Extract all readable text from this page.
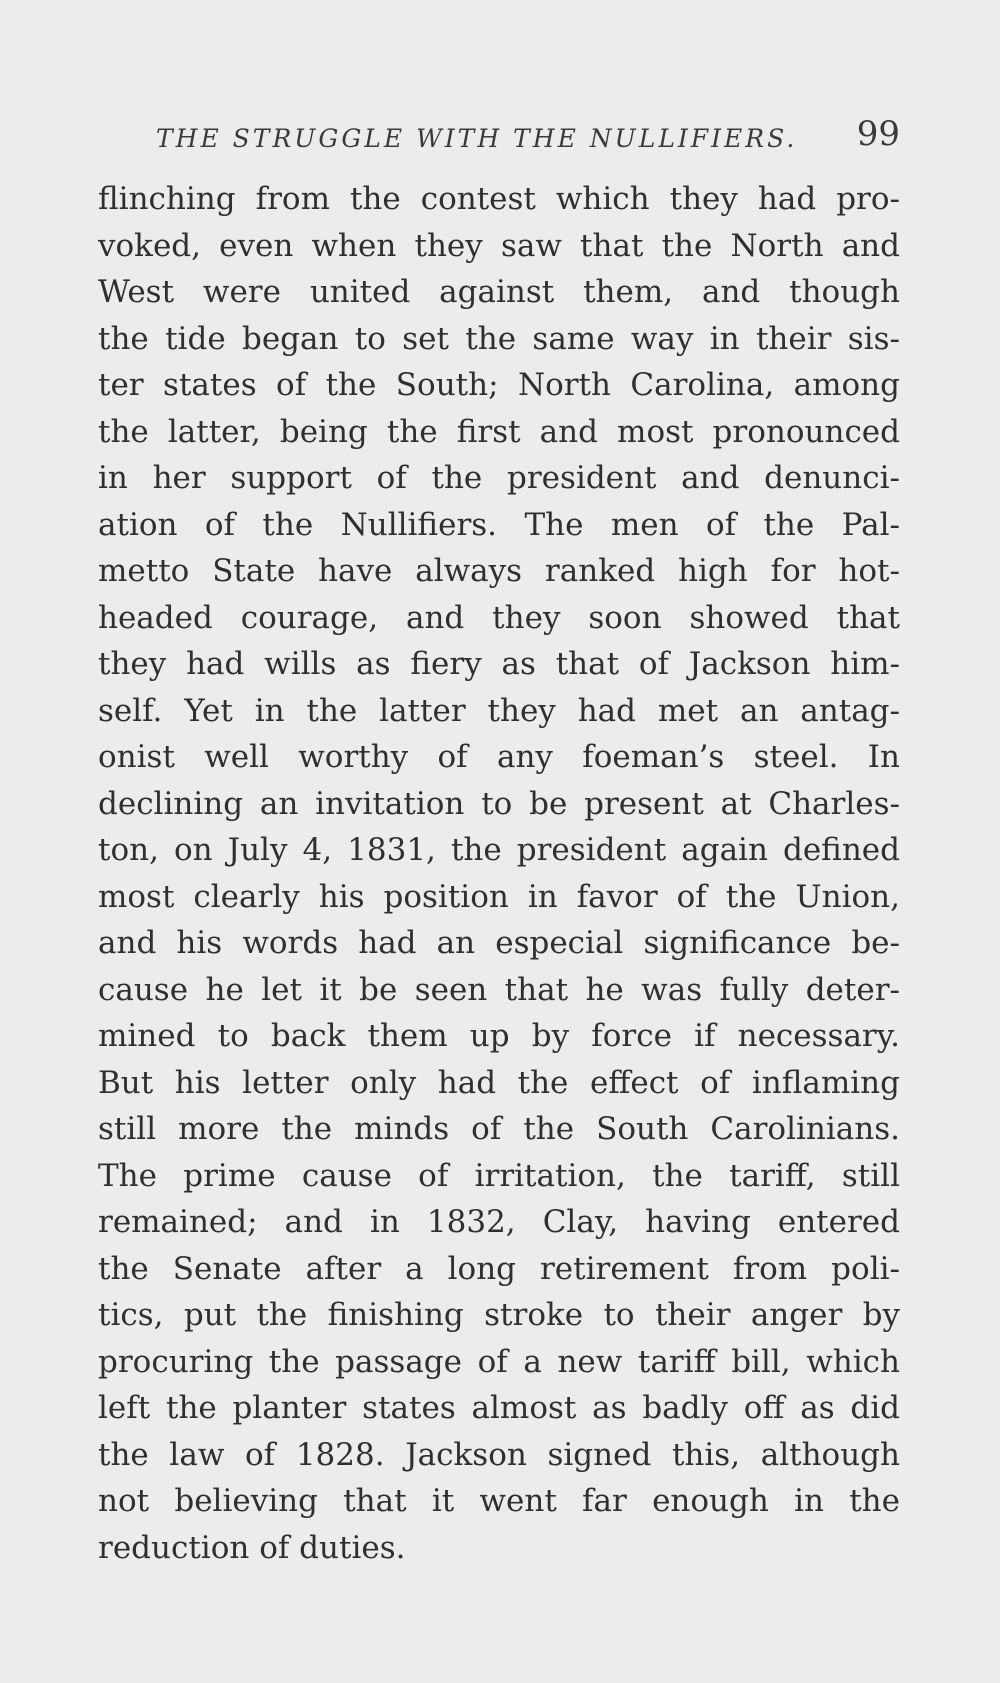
THE STRUGGLE WITH THE NULLIFIERS. 99
flinching from the contest which they had pro-
voked, even when they saw that the North and
West were united against them, and though
the tide began to set the same way in their sis-
ter states of the South; North Carolina, among
the latter, being the first and most pronounced
in her support of the president and denunci-
ation of the Nullifiers. The men of the Pal-
metto State have always ranked high for hot-
headed courage, and they soon showed that
they had wills as fiery as that of Jackson him-
self. Yet in the latter they had met an antag-
onist well worthy of any foeman’s steel. In
declining an invitation to be present at Charles-
ton, on July 4, 1831, the president again defined
most clearly his position in favor of the Union,
and his words had an especial significance be-
cause he let it be seen that he was fully deter-
mined to back them up by force if necessary.
But his letter only had the effect of inflaming
still more the minds of the South Carolinians.
The prime cause of irritation, the tariff, still
remained; and in 1832, Clay, having entered
the Senate after a long retirement from poli-
tics, put the finishing stroke to their anger by
procuring the passage of a new tariff bill, which
left the planter states almost as badly off as did
the law of 1828. Jackson signed this, although
not believing that it went far enough in the
reduction of duties.
